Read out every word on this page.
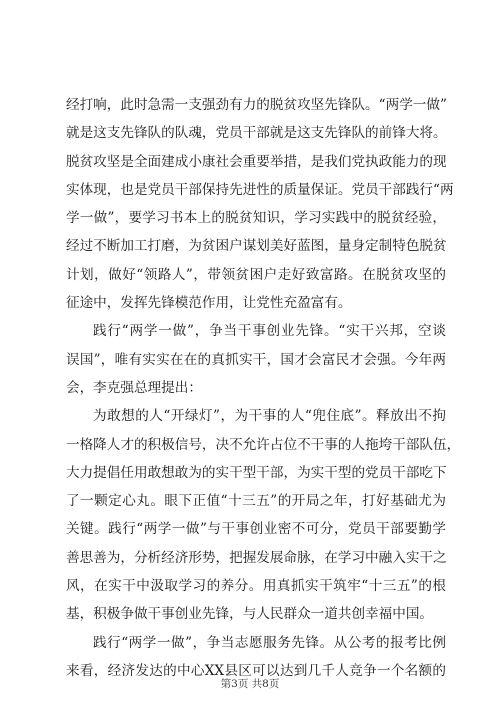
经打响，此时急需一支强劲有力的脱贫攻坚先锋队。“两学一做”
就是这支先锋队的队魂，党员干部就是这支先锋队的前锋大将。
脱贫攻坚是全面建成小康社会重要举措，是我们党执政能力的现
实体现，也是党员干部保持先进性的质量保证。党员干部践行“两
学一做”，要学习书本上的脱贫知识，学习实践中的脱贫经验，
经过不断加工打磨，为贫困户谋划美好蓝图，量身定制特色脱贫
计划，做好“领路人”，带领贫困户走好致富路。在脱贫攻坚的
征途中，发挥先锋模范作用，让党性充盈富有。
践行“两学一做”，争当干事创业先锋。“实干兴邦，空谈
误国”，唯有实实在在的真抓实干，国才会富民才会强。今年两
会，李克强总理提出：
为敢想的人“开绿灯”，为干事的人“兜住底”。释放出不拘
一格降人才的积极信号，决不允许占位不干事的人拖垮干部队伍，
大力提倡任用敢想敢为的实干型干部，为实干型的党员干部吃下
了一颗定心丸。眼下正值“十三五”的开局之年，打好基础尤为
关键。践行“两学一做”与干事创业密不可分，党员干部要勤学
善思善为，分析经济形势，把握发展命脉，在学习中融入实干之
风，在实干中汲取学习的养分。用真抓实干筑牢“十三五”的根
基，积极争做干事创业先锋，与人民群众一道共创幸福中国。
践行“两学一做”，争当志愿服务先锋。从公考的报考比例
来看，经济发达的中心XX县区可以达到几千人竞争一个名额的
第3页 共8页
